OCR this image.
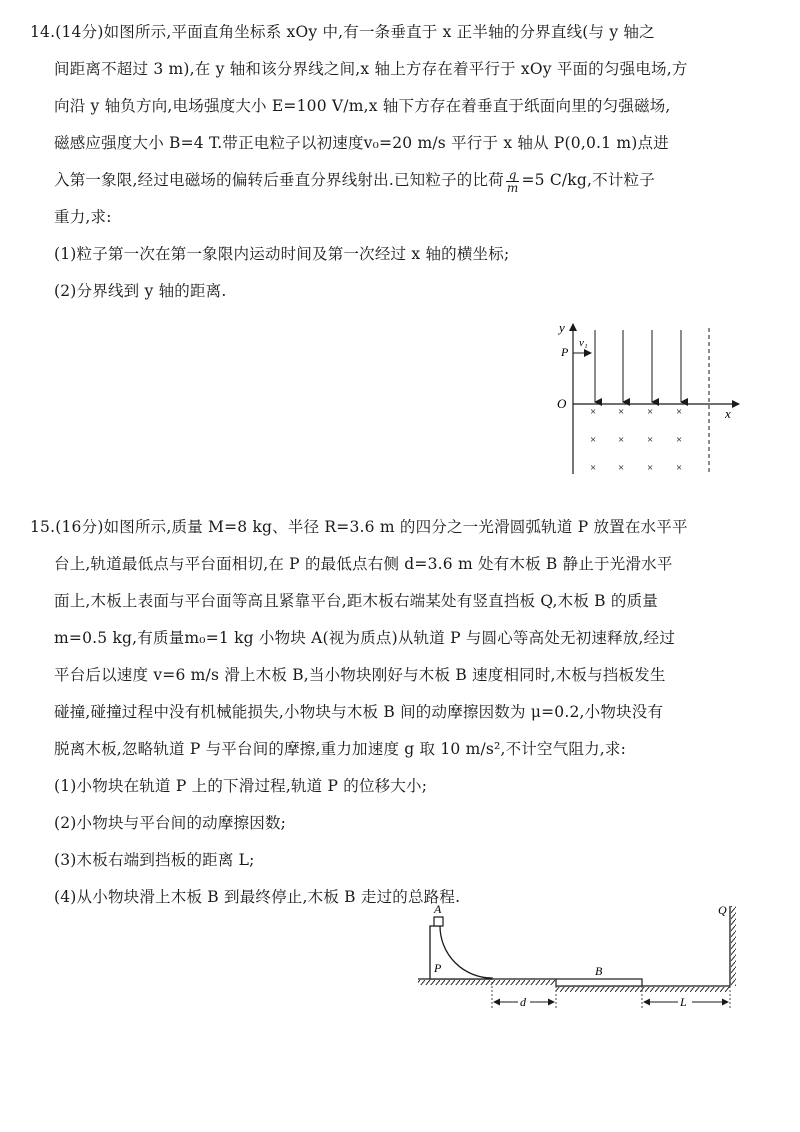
14.(14分)如图所示,平面直角坐标系 xOy 中,有一条垂直于 x 正半轴的分界直线(与 y 轴之
间距离不超过 3 m),在 y 轴和该分界线之间,x 轴上方存在着平行于 xOy 平面的匀强电场,方
向沿 y 轴负方向,电场强度大小 E=100 V/m,x 轴下方存在着垂直于纸面向里的匀强磁场,
磁感应强度大小 B=4 T.带正电粒子以初速度v₀=20 m/s 平行于 x 轴从 P(0,0.1 m)点进
入第一象限,经过电磁场的偏转后垂直分界线射出.已知粒子的比荷 $\frac{q}{m} =5$ C/kg,不计粒子
重力,求:
(1)粒子第一次在第一象限内运动时间及第一次经过 x 轴的横坐标;
(2)分界线到 y 轴的距离.
y
x
O
P
v₁
× × × ×
× × × ×
× × × ×
15.(16分)如图所示,质量 M=8 kg、半径 R=3.6 m 的四分之一光滑圆弧轨道 P 放置在水平平
台上,轨道最低点与平台面相切,在 P 的最低点右侧 d=3.6 m 处有木板 B 静止于光滑水平
面上,木板上表面与平台面等高且紧靠平台,距木板右端某处有竖直挡板 Q,木板 B 的质量
m=0.5 kg,有质量m₀=1 kg 小物块 A(视为质点)从轨道 P 与圆心等高处无初速释放,经过
平台后以速度 v=6 m/s 滑上木板 B,当小物块刚好与木板 B 速度相同时,木板与挡板发生
碰撞,碰撞过程中没有机械能损失,小物块与木板 B 间的动摩擦因数为 μ=0.2,小物块没有
脱离木板,忽略轨道 P 与平台间的摩擦,重力加速度 g 取 10 m/s²,不计空气阻力,求:
(1)小物块在轨道 P 上的下滑过程,轨道 P 的位移大小;
(2)小物块与平台间的动摩擦因数;
(3)木板右端到挡板的距离 L;
(4)从小物块滑上木板 B 到最终停止,木板 B 走过的总路程.
A
P	B
Q
d	L
